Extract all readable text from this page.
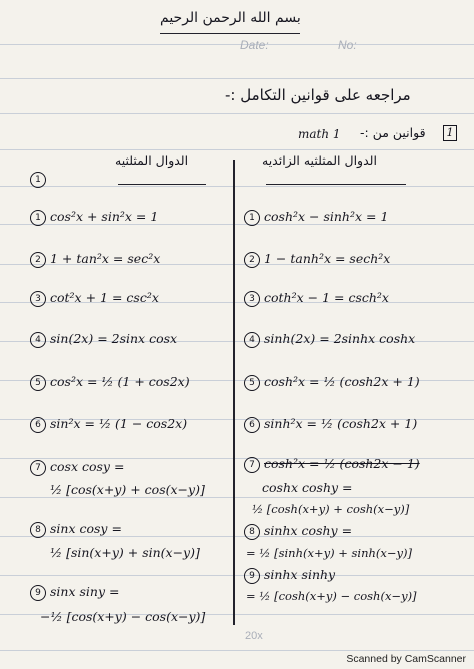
بسم الله الرحمن الرحيم
Date:	No:
مراجعه على قوانين التكامل :-
math 1 قوانين من :-	1
الدوال المثلثيه	الدوال المثلثيه الزائديه
1
1 cos²x + sin²x = 1
2 1 + tan²x = sec²x
3 cot²x + 1 = csc²x
4 sin(2x) = 2sinx cosx
5 cos²x = ½ (1 + cos2x)
6 sin²x = ½ (1 − cos2x)
7 cosx cosy =
½ [cos(x+y) + cos(x−y)]
8 sinx cosy =
½ [sin(x+y) + sin(x−y)]
9 sinx siny =
−½ [cos(x+y) − cos(x−y)]
1 cosh²x − sinh²x = 1
2 1 − tanh²x = sech²x
3 coth²x − 1 = csch²x
4 sinh(2x) = 2sinhx coshx
5 cosh²x = ½ (cosh2x + 1)
6 sinh²x = ½ (cosh2x + 1)
7 cosh²x = ½ (cosh2x − 1)
coshx coshy =
½ [cosh(x+y) + cosh(x−y)]
8 sinhx coshy =
= ½ [sinh(x+y) + sinh(x−y)]
9 sinhx sinhy
= ½ [cosh(x+y) − cosh(x−y)]
20x
Scanned by CamScanner
